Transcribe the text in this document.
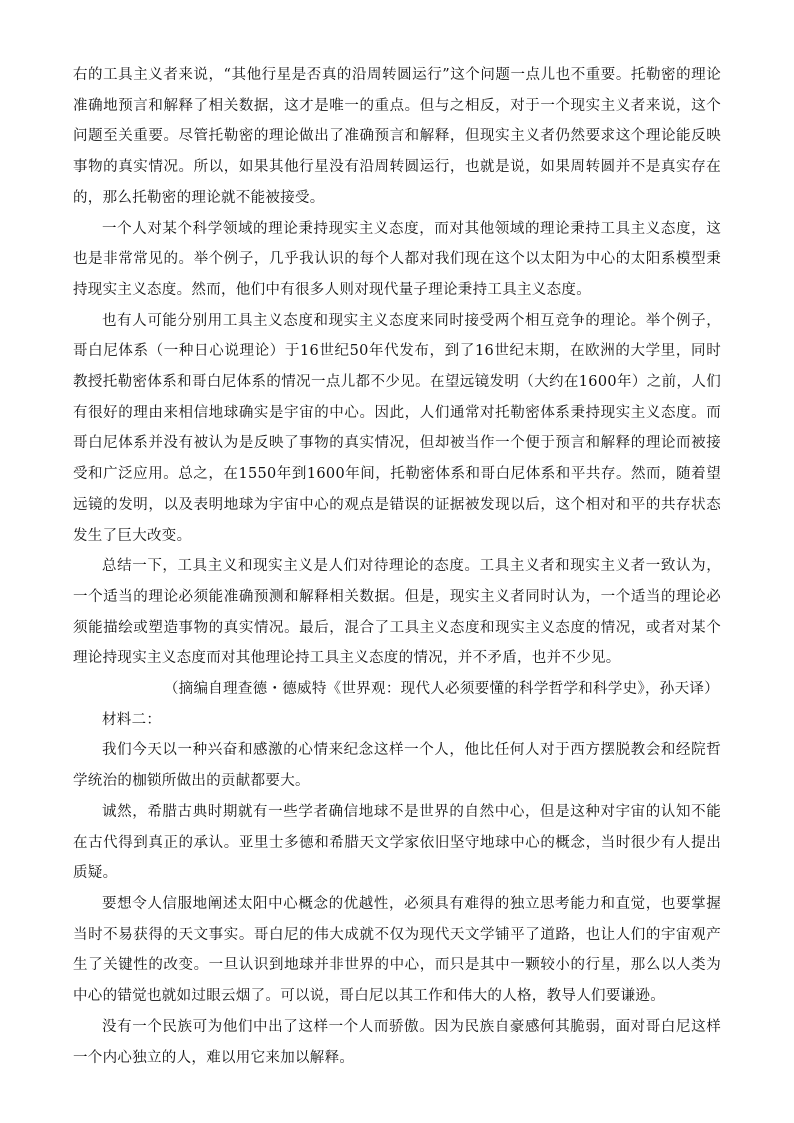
右的工具主义者来说，“其他行星是否真的沿周转圆运行”这个问题一点儿也不重要。托勒密的理论准确地预言和解释了相关数据，这才是唯一的重点。但与之相反，对于一个现实主义者来说，这个问题至关重要。尽管托勒密的理论做出了准确预言和解释，但现实主义者仍然要求这个理论能反映事物的真实情况。所以，如果其他行星没有沿周转圆运行，也就是说，如果周转圆并不是真实存在的，那么托勒密的理论就不能被接受。

一个人对某个科学领域的理论秉持现实主义态度，而对其他领域的理论秉持工具主义态度，这也是非常常见的。举个例子，几乎我认识的每个人都对我们现在这个以太阳为中心的太阳系模型秉持现实主义态度。然而，他们中有很多人则对现代量子理论秉持工具主义态度。

也有人可能分别用工具主义态度和现实主义态度来同时接受两个相互竞争的理论。举个例子，哥白尼体系（一种日心说理论）于16世纪50年代发布，到了16世纪末期，在欧洲的大学里，同时教授托勒密体系和哥白尼体系的情况一点儿都不少见。在望远镜发明（大约在1600年）之前，人们有很好的理由来相信地球确实是宇宙的中心。因此，人们通常对托勒密体系秉持现实主义态度。而哥白尼体系并没有被认为是反映了事物的真实情况，但却被当作一个便于预言和解释的理论而被接受和广泛应用。总之，在1550年到1600年间，托勒密体系和哥白尼体系和平共存。然而，随着望远镜的发明，以及表明地球为宇宙中心的观点是错误的证据被发现以后，这个相对和平的共存状态发生了巨大改变。

总结一下，工具主义和现实主义是人们对待理论的态度。工具主义者和现实主义者一致认为，一个适当的理论必须能准确预测和解释相关数据。但是，现实主义者同时认为，一个适当的理论必须能描绘或塑造事物的真实情况。最后，混合了工具主义态度和现实主义态度的情况，或者对某个理论持现实主义态度而对其他理论持工具主义态度的情况，并不矛盾，也并不少见。

（摘编自理查德・德威特《世界观：现代人必须要懂的科学哲学和科学史》，孙天译）

材料二：

我们今天以一种兴奋和感激的心情来纪念这样一个人，他比任何人对于西方摆脱教会和经院哲学统治的枷锁所做出的贡献都要大。

诚然，希腊古典时期就有一些学者确信地球不是世界的自然中心，但是这种对宇宙的认知不能在古代得到真正的承认。亚里士多德和希腊天文学家依旧坚守地球中心的概念，当时很少有人提出质疑。

要想令人信服地阐述太阳中心概念的优越性，必须具有难得的独立思考能力和直觉，也要掌握当时不易获得的天文事实。哥白尼的伟大成就不仅为现代天文学铺平了道路，也让人们的宇宙观产生了关键性的改变。一旦认识到地球并非世界的中心，而只是其中一颗较小的行星，那么以人类为中心的错觉也就如过眼云烟了。可以说，哥白尼以其工作和伟大的人格，教导人们要谦逊。

没有一个民族可为他们中出了这样一个人而骄傲。因为民族自豪感何其脆弱，面对哥白尼这样一个内心独立的人，难以用它来加以解释。
